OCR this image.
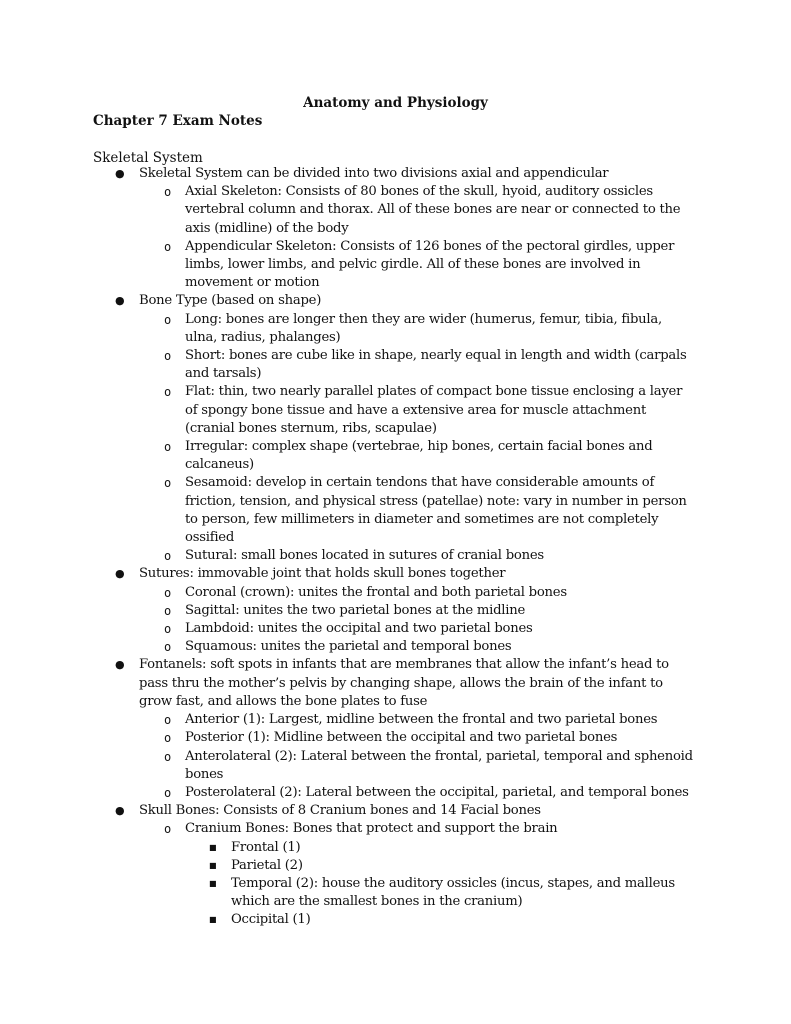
Anatomy and Physiology
Chapter 7 Exam Notes
Skeletal System
● Skeletal System can be divided into two divisions axial and appendicular
o Axial Skeleton: Consists of 80 bones of the skull, hyoid, auditory ossicles vertebral column and thorax. All of these bones are near or connected to the axis (midline) of the body
o Appendicular Skeleton: Consists of 126 bones of the pectoral girdles, upper limbs, lower limbs, and pelvic girdle. All of these bones are involved in movement or motion
● Bone Type (based on shape)
o Long: bones are longer then they are wider (humerus, femur, tibia, fibula, ulna, radius, phalanges)
o Short: bones are cube like in shape, nearly equal in length and width (carpals and tarsals)
o Flat: thin, two nearly parallel plates of compact bone tissue enclosing a layer of spongy bone tissue and have a extensive area for muscle attachment (cranial bones sternum, ribs, scapulae)
o Irregular: complex shape (vertebrae, hip bones, certain facial bones and calcaneus)
o Sesamoid: develop in certain tendons that have considerable amounts of friction, tension, and physical stress (patellae) note: vary in number in person to person, few millimeters in diameter and sometimes are not completely ossified
o Sutural: small bones located in sutures of cranial bones
● Sutures: immovable joint that holds skull bones together
o Coronal (crown): unites the frontal and both parietal bones
o Sagittal: unites the two parietal bones at the midline
o Lambdoid: unites the occipital and two parietal bones
o Squamous: unites the parietal and temporal bones
● Fontanels: soft spots in infants that are membranes that allow the infant’s head to pass thru the mother’s pelvis by changing shape, allows the brain of the infant to grow fast, and allows the bone plates to fuse
o Anterior (1): Largest, midline between the frontal and two parietal bones
o Posterior (1): Midline between the occipital and two parietal bones
o Anterolateral (2): Lateral between the frontal, parietal, temporal and sphenoid bones
o Posterolateral (2): Lateral between the occipital, parietal, and temporal bones
● Skull Bones: Consists of 8 Cranium bones and 14 Facial bones
o Cranium Bones: Bones that protect and support the brain
■ Frontal (1)
■ Parietal (2)
■ Temporal (2): house the auditory ossicles (incus, stapes, and malleus which are the smallest bones in the cranium)
■ Occipital (1)
